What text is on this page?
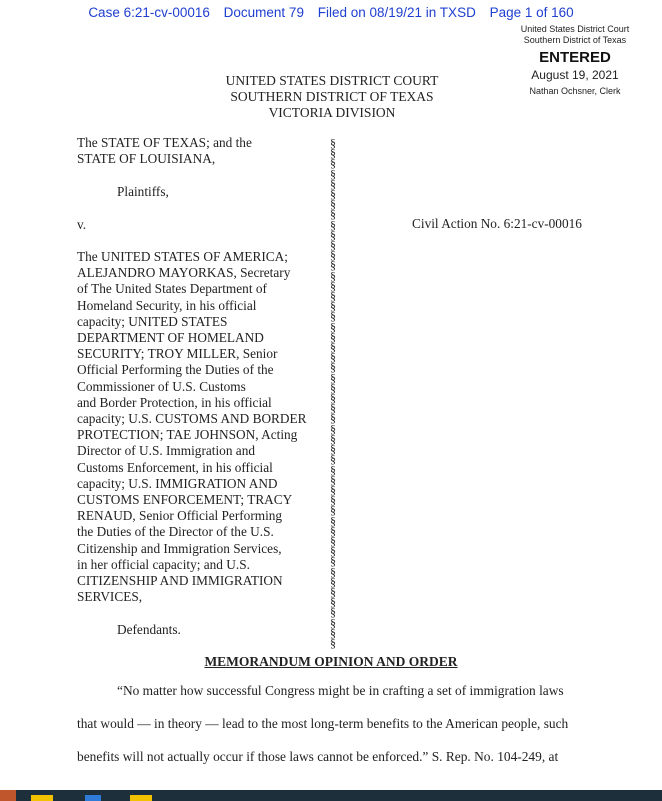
Case 6:21-cv-00016 Document 79 Filed on 08/19/21 in TXSD Page 1 of 160
United States District Court
Southern District of Texas
ENTERED
August 19, 2021
Nathan Ochsner, Clerk
UNITED STATES DISTRICT COURT
SOUTHERN DISTRICT OF TEXAS
VICTORIA DIVISION
The STATE OF TEXAS; and the
STATE OF LOUISIANA,
Plaintiffs,
v.	Civil Action No. 6:21-cv-00016
The UNITED STATES OF AMERICA;
ALEJANDRO MAYORKAS, Secretary
of The United States Department of
Homeland Security, in his official
capacity; UNITED STATES
DEPARTMENT OF HOMELAND
SECURITY; TROY MILLER, Senior
Official Performing the Duties of the
Commissioner of U.S. Customs
and Border Protection, in his official
capacity; U.S. CUSTOMS AND BORDER
PROTECTION; TAE JOHNSON, Acting
Director of U.S. Immigration and
Customs Enforcement, in his official
capacity; U.S. IMMIGRATION AND
CUSTOMS ENFORCEMENT; TRACY
RENAUD, Senior Official Performing
the Duties of the Director of the U.S.
Citizenship and Immigration Services,
in her official capacity; and U.S.
CITIZENSHIP AND IMMIGRATION
SERVICES,
Defendants.
§
§
§
§
§
§
§
§
§
§
§
§
§
§
§
§
§
§
§
§
§
§
§
§
§
§
§
§
§
§
§
§
§
§
§
§
§
§
§
§
§
§
§
§
§
§
§
§
§
§
MEMORANDUM OPINION AND ORDER
“No matter how successful Congress might be in crafting a set of immigration laws
that would — in theory — lead to the most long-term benefits to the American people, such
benefits will not actually occur if those laws cannot be enforced.” S. Rep. No. 104-249, at
